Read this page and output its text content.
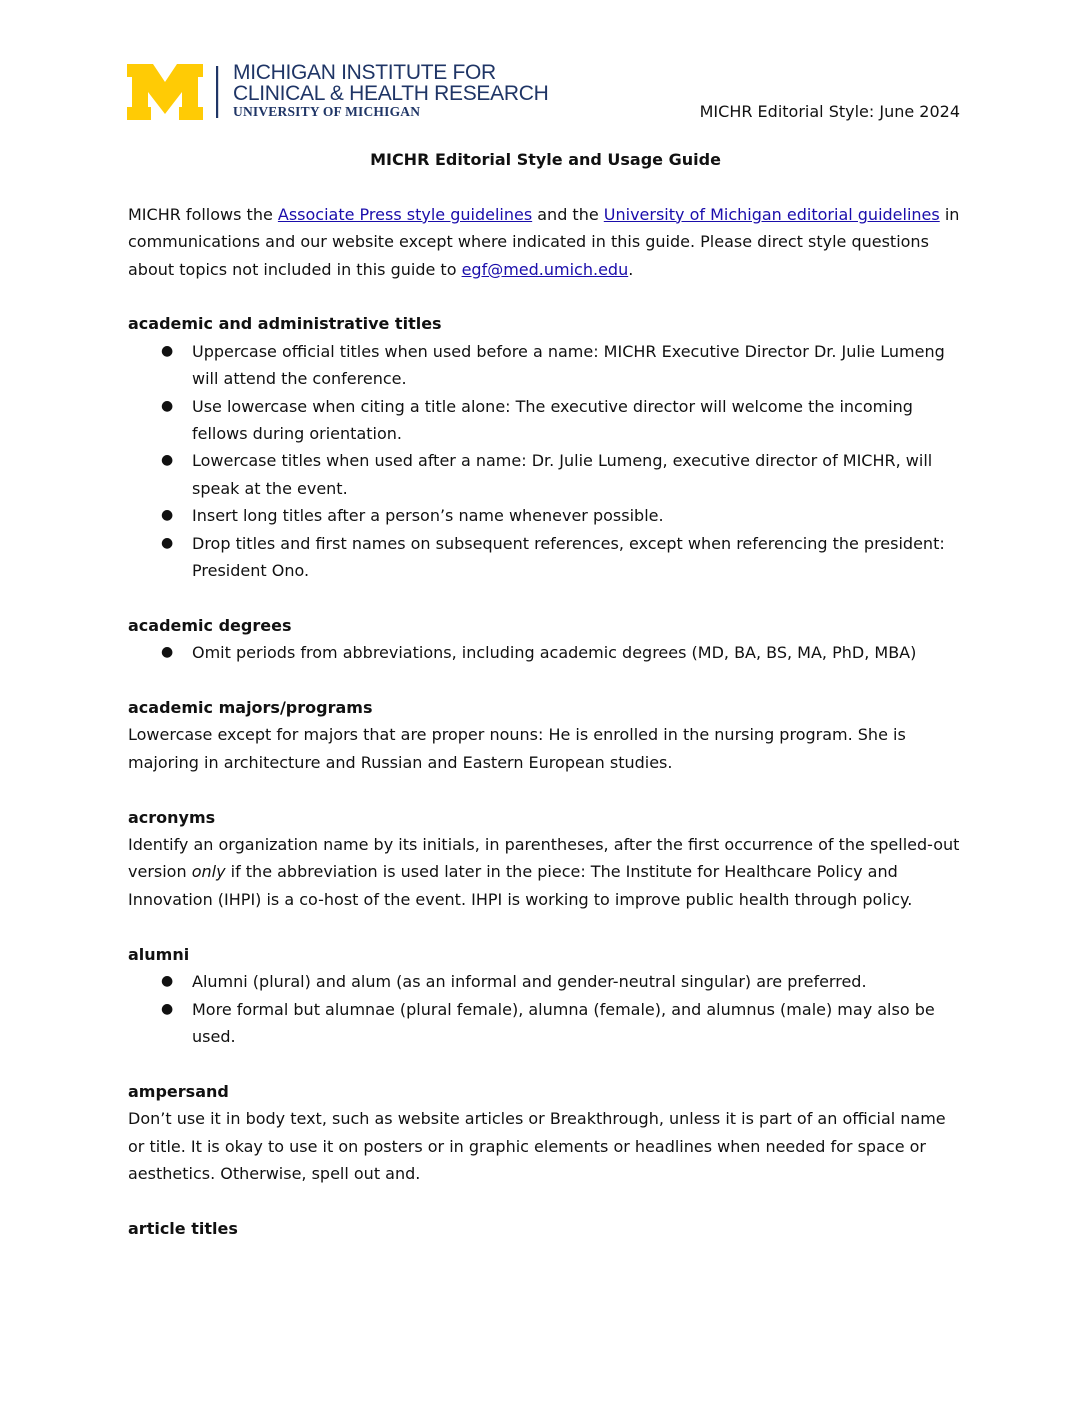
MICHIGAN INSTITUTE FOR
CLINICAL & HEALTH RESEARCH
UNIVERSITY OF MICHIGAN	MICHR Editorial Style: June 2024

MICHR Editorial Style and Usage Guide

MICHR follows the Associate Press style guidelines and the University of Michigan editorial guidelines in communications and our website except where indicated in this guide. Please direct style questions about topics not included in this guide to egf@med.umich.edu.

academic and administrative titles

● Uppercase official titles when used before a name: MICHR Executive Director Dr. Julie Lumeng will attend the conference.
● Use lowercase when citing a title alone: The executive director will welcome the incoming fellows during orientation.
● Lowercase titles when used after a name: Dr. Julie Lumeng, executive director of MICHR, will speak at the event.
● Insert long titles after a person’s name whenever possible.
● Drop titles and first names on subsequent references, except when referencing the president: President Ono.

academic degrees

● Omit periods from abbreviations, including academic degrees (MD, BA, BS, MA, PhD, MBA)

academic majors/programs

Lowercase except for majors that are proper nouns: He is enrolled in the nursing program. She is majoring in architecture and Russian and Eastern European studies.

acronyms

Identify an organization name by its initials, in parentheses, after the first occurrence of the spelled-out version only if the abbreviation is used later in the piece: The Institute for Healthcare Policy and Innovation (IHPI) is a co-host of the event. IHPI is working to improve public health through policy.

alumni

● Alumni (plural) and alum (as an informal and gender-neutral singular) are preferred.
● More formal but alumnae (plural female), alumna (female), and alumnus (male) may also be used.

ampersand

Don’t use it in body text, such as website articles or Breakthrough, unless it is part of an official name or title. It is okay to use it on posters or in graphic elements or headlines when needed for space or aesthetics. Otherwise, spell out and.

article titles
